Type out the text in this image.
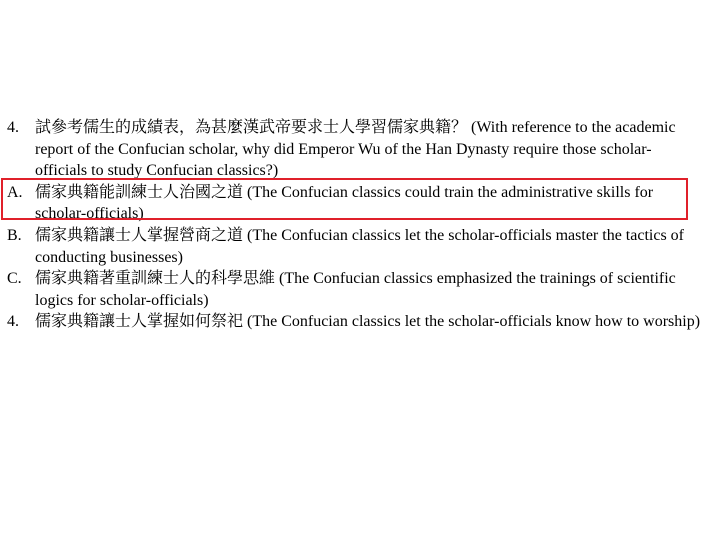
4. 試參考儒生的成績表，為甚麼漢武帝要求士人學習儒家典籍？ (With reference to the academic report of the Confucian scholar, why did Emperor Wu of the Han Dynasty require those scholar-officials to study Confucian classics?)
A. 儒家典籍能訓練士人治國之道 (The Confucian classics could train the administrative skills for scholar-officials)
B. 儒家典籍讓士人掌握營商之道 (The Confucian classics let the scholar-officials master the tactics of conducting businesses)
C. 儒家典籍著重訓練士人的科學思維 (The Confucian classics emphasized the trainings of scientific logics for scholar-officials)
4. 儒家典籍讓士人掌握如何祭祀 (The Confucian classics let the scholar-officials know how to worship)
